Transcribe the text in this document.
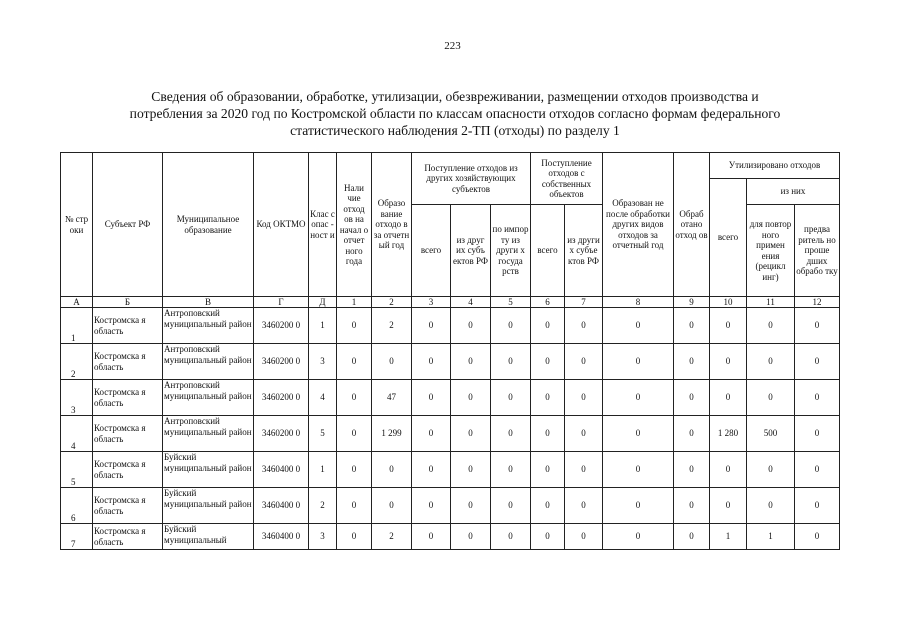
223
Сведения об образовании, обработке, утилизации, обезвреживании, размещении отходов производства и
потребления за 2020 год по Костромской области по классам опасности отходов согласно формам федерального
статистического наблюдения 2-ТП (отходы) по разделу 1
№ стр оки	Субъект РФ	Муниципальное образование	Код ОКТМО	Клас с опас - ност и	Нали чие отход ов на начал о отчет ного года	Образо вание отходо в за отчетн ый год	Поступление отходов из других хозяйствующих субъектов			Поступление отходов с собственных объектов		Образован не после обработки других видов отходов за отчетный год	Обраб отано отход ов	Утилизировано отходов		
														всего	из них	
							всего	из друг их субъ ектов РФ	по импор ту из други х госуда рств	всего	из други х субъе ктов РФ				для повтор ного примен ения (рецикл инг)	предва ритель но проше дших обрабо тку
А	Б	В	Г	Д	1	2	3	4	5	6	7	8	9	10	11	12
1	Костромска я область	Антроповский муниципальный район	3460200 0	1	0	2	0	0	0	0	0	0	0	0	0	0
2	Костромска я область	Антроповский муниципальный район	3460200 0	3	0	0	0	0	0	0	0	0	0	0	0	0
3	Костромска я область	Антроповский муниципальный район	3460200 0	4	0	47	0	0	0	0	0	0	0	0	0	0
4	Костромска я область	Антроповский муниципальный район	3460200 0	5	0	1 299	0	0	0	0	0	0	0	1 280	500	0
5	Костромска я область	Буйский муниципальный район	3460400 0	1	0	0	0	0	0	0	0	0	0	0	0	0
6	Костромска я область	Буйский муниципальный район	3460400 0	2	0	0	0	0	0	0	0	0	0	0	0	0
7	Костромска я область	Буйский муниципальный	3460400 0	3	0	2	0	0	0	0	0	0	0	1	1	0
